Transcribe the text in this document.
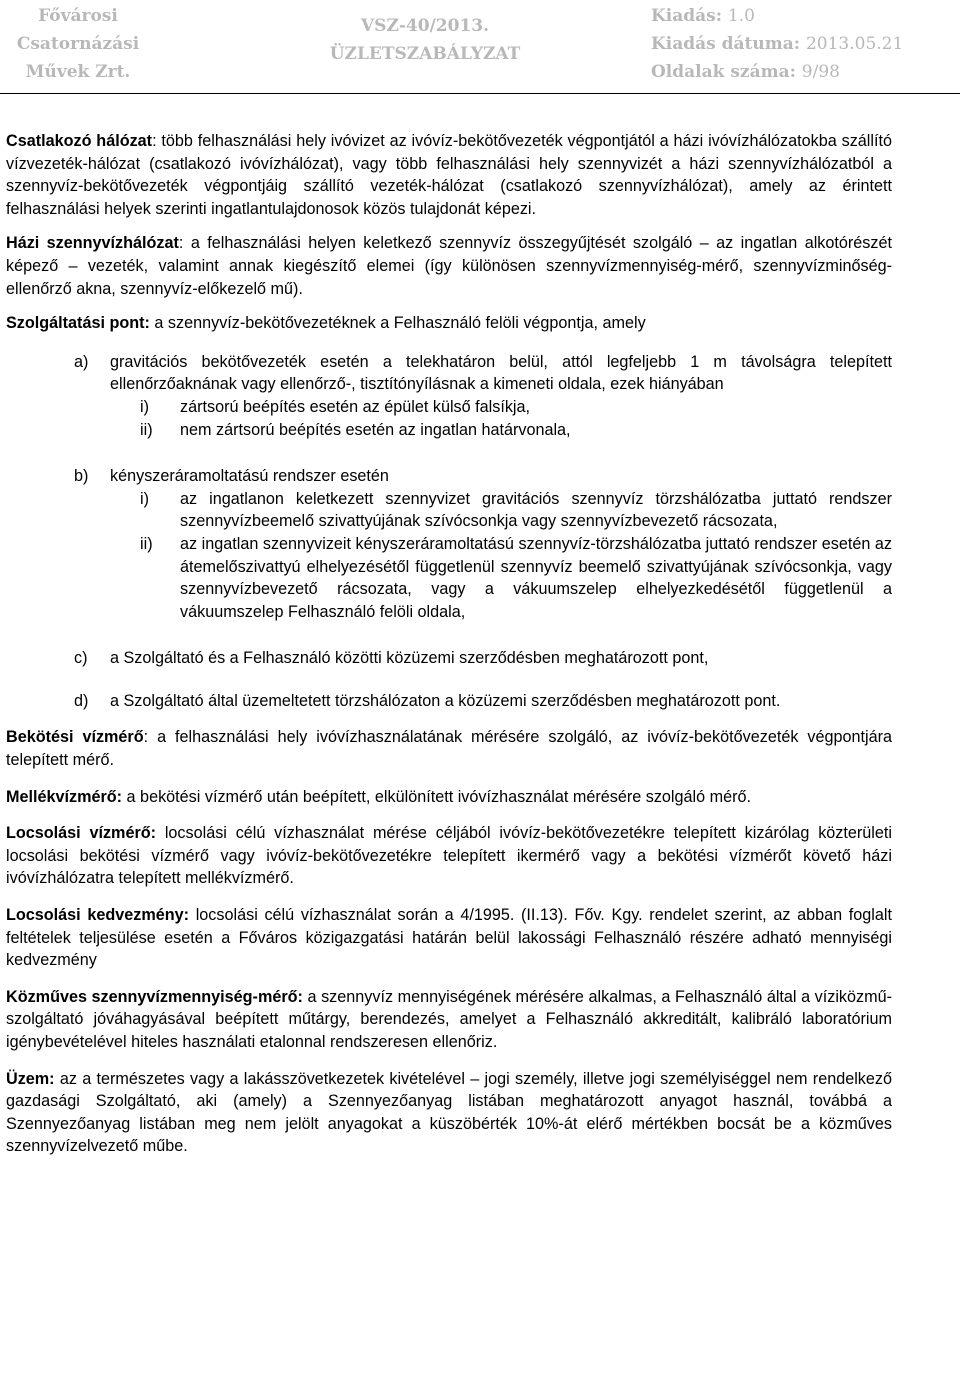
Fővárosi
Csatornázási
Művek Zrt.
VSZ-40/2013.
ÜZLETSZABÁLYZAT
Kiadás: 1.0
Kiadás dátuma: 2013.05.21
Oldalak száma: 9/98

Csatlakozó hálózat: több felhasználási hely ivóvizet az ivóvíz-bekötővezeték végpontjától a házi ivóvízhálózatokba szállító vízvezeték-hálózat (csatlakozó ivóvízhálózat), vagy több felhasználási hely szennyvizét a házi szennyvízhálózatból a szennyvíz-bekötővezeték végpontjáig szállító vezeték-hálózat (csatlakozó szennyvízhálózat), amely az érintett felhasználási helyek szerinti ingatlantulajdonosok közös tulajdonát képezi.

Házi szennyvízhálózat: a felhasználási helyen keletkező szennyvíz összegyűjtését szolgáló – az ingatlan alkotórészét képező – vezeték, valamint annak kiegészítő elemei (így különösen szennyvízmennyiség-mérő, szennyvízminőség-ellenőrző akna, szennyvíz-előkezelő mű).

Szolgáltatási pont: a szennyvíz-bekötővezetéknek a Felhasználó felöli végpontja, amely

a)	gravitációs bekötővezeték esetén a telekhatáron belül, attól legfeljebb 1 m távolságra telepített ellenőrzőaknának vagy ellenőrző-, tisztítónyílásnak a kimeneti oldala, ezek hiányában
i)	zártsorú beépítés esetén az épület külső falsíkja,
ii)	nem zártsorú beépítés esetén az ingatlan határvonala,
b)	kényszeráramoltatású rendszer esetén
i)	az ingatlanon keletkezett szennyvizet gravitációs szennyvíz törzshálózatba juttató rendszer szennyvízbeemelő szivattyújának szívócsonkja vagy szennyvízbevezető rácsozata,
ii)	az ingatlan szennyvizeit kényszeráramoltatású szennyvíz-törzshálózatba juttató rendszer esetén az átemelőszivattyú elhelyezésétől függetlenül szennyvíz beemelő szivattyújának szívócsonkja, vagy szennyvízbevezető rácsozata, vagy a vákuumszelep elhelyezkedésétől függetlenül a vákuumszelep Felhasználó felöli oldala,
c)	a Szolgáltató és a Felhasználó közötti közüzemi szerződésben meghatározott pont,
d)	a Szolgáltató által üzemeltetett törzshálózaton a közüzemi szerződésben meghatározott pont.

Bekötési vízmérő: a felhasználási hely ivóvízhasználatának mérésére szolgáló, az ivóvíz-bekötővezeték végpontjára telepített mérő.

Mellékvízmérő: a bekötési vízmérő után beépített, elkülönített ivóvízhasználat mérésére szolgáló mérő.

Locsolási vízmérő: locsolási célú vízhasználat mérése céljából ivóvíz-bekötővezetékre telepített kizárólag közterületi locsolási bekötési vízmérő vagy ivóvíz-bekötővezetékre telepített ikermérő vagy a bekötési vízmérőt követő házi ivóvízhálózatra telepített mellékvízmérő.

Locsolási kedvezmény: locsolási célú vízhasználat során a 4/1995. (II.13). Főv. Kgy. rendelet szerint, az abban foglalt feltételek teljesülése esetén a Főváros közigazgatási határán belül lakossági Felhasználó részére adható mennyiségi kedvezmény

Közműves szennyvízmennyiség-mérő: a szennyvíz mennyiségének mérésére alkalmas, a Felhasználó által a víziközmű-szolgáltató jóváhagyásával beépített műtárgy, berendezés, amelyet a Felhasználó akkreditált, kalibráló laboratórium igénybevételével hiteles használati etalonnal rendszeresen ellenőriz.

Üzem: az a természetes vagy a lakásszövetkezetek kivételével – jogi személy, illetve jogi személyiséggel nem rendelkező gazdasági Szolgáltató, aki (amely) a Szennyezőanyag listában meghatározott anyagot használ, továbbá a Szennyezőanyag listában meg nem jelölt anyagokat a küszöbérték 10%-át elérő mértékben bocsát be a közműves szennyvízelvezető műbe.
